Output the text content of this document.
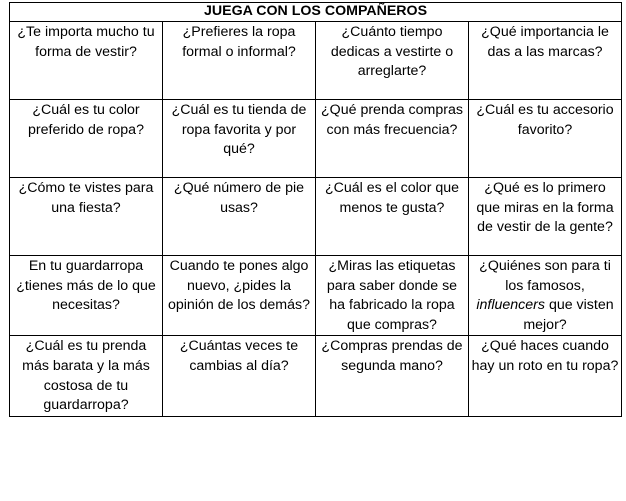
JUEGA CON LOS COMPAÑEROS			

¿Te importa mucho tu forma de vestir?	¿Prefieres la ropa formal o informal?	¿Cuánto tiempo dedicas a vestirte o arreglarte?	¿Qué importancia le das a las marcas?

¿Cuál es tu color preferido de ropa?	¿Cuál es tu tienda de ropa favorita y por qué?	¿Qué prenda compras con más frecuencia?	¿Cuál es tu accesorio favorito?

¿Cómo te vistes para una fiesta?	¿Qué número de pie usas?	¿Cuál es el color que menos te gusta?	¿Qué es lo primero que miras en la forma de vestir de la gente?

En tu guardarropa ¿tienes más de lo que necesitas?	Cuando te pones algo nuevo, ¿pides la opinión de los demás?	¿Miras las etiquetas para saber donde se ha fabricado la ropa que compras?	¿Quiénes son para ti los famosos, influencers que visten mejor?

¿Cuál es tu prenda más barata y la más costosa de tu guardarropa?	¿Cuántas veces te cambias al día?	¿Compras prendas de segunda mano?	¿Qué haces cuando hay un roto en tu ropa?
